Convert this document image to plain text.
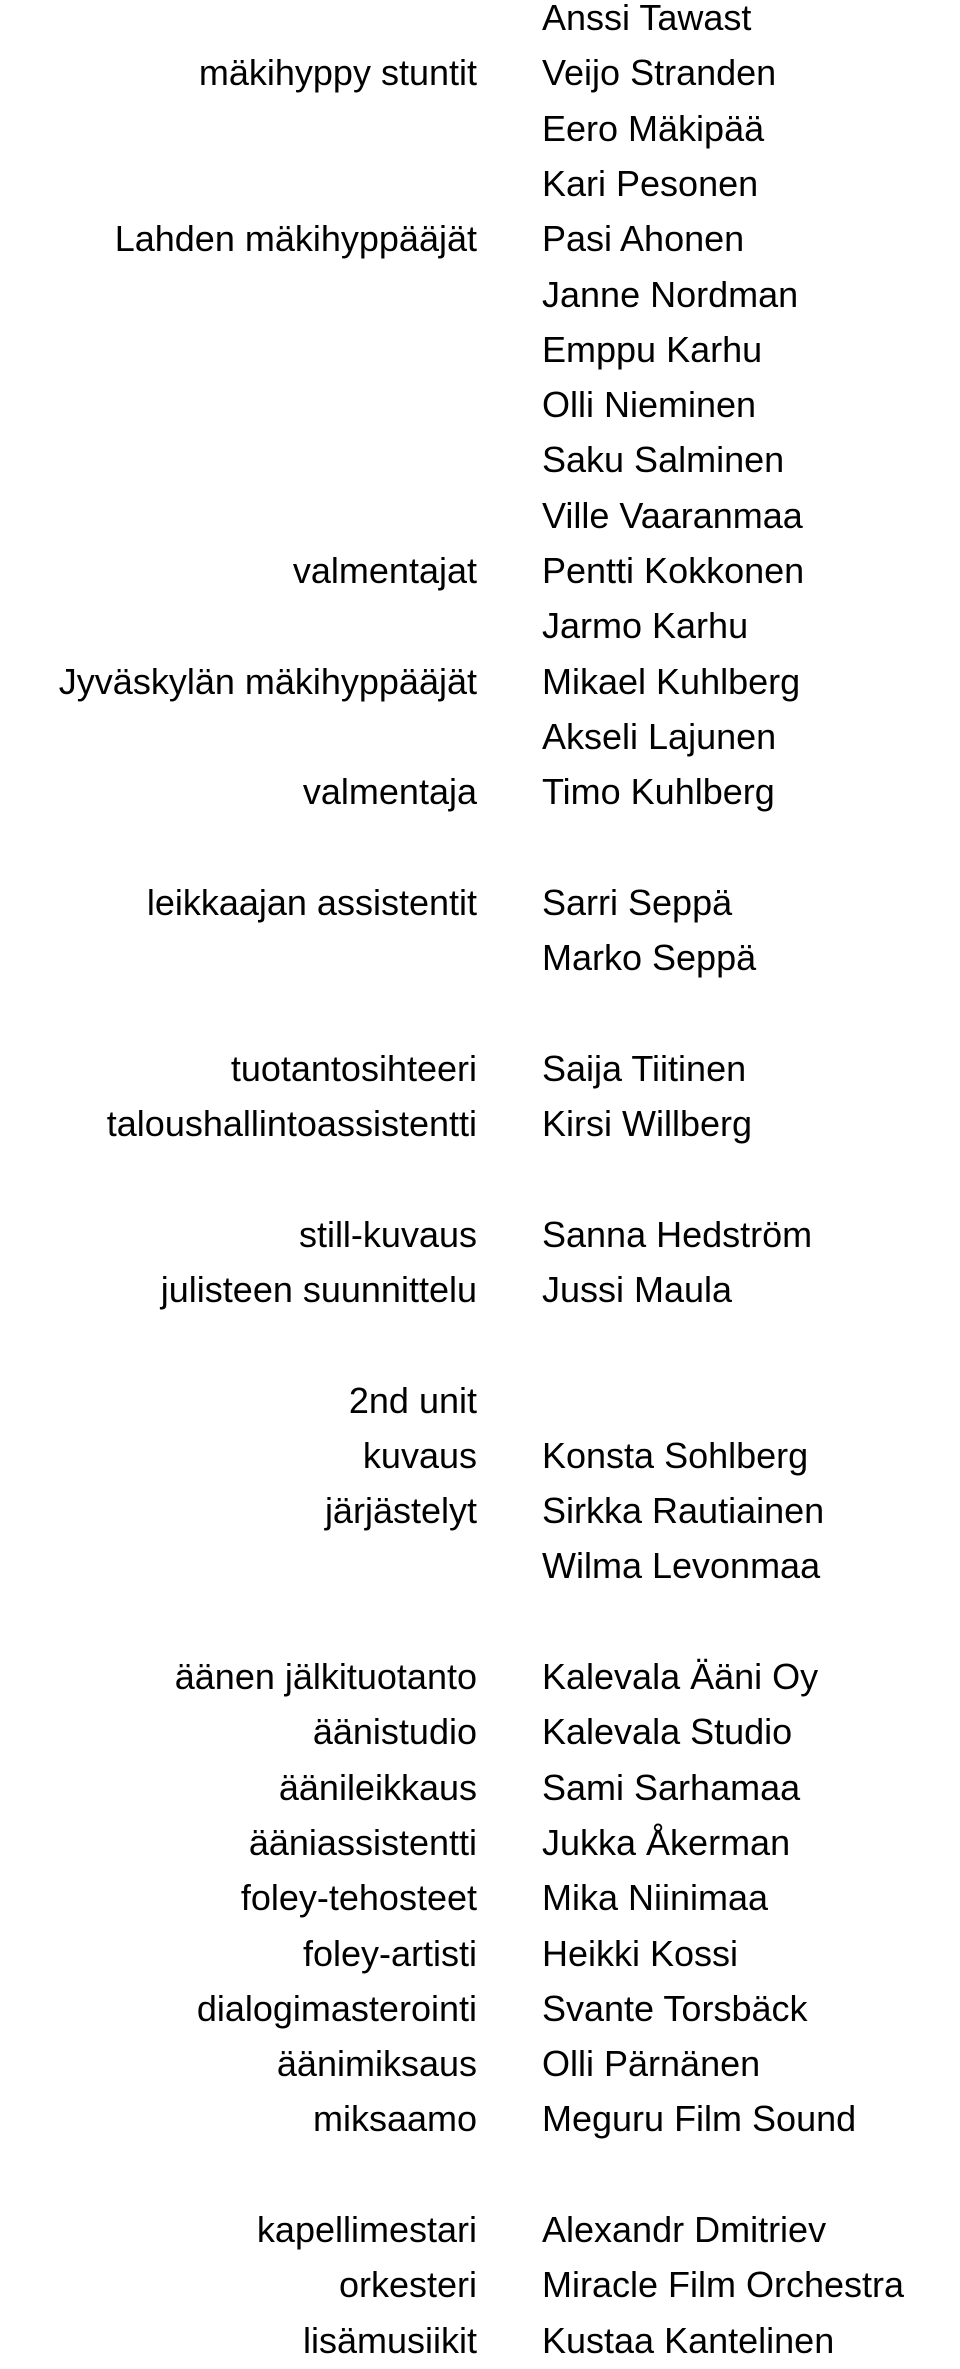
Anssi Tawast
mäkihyppy stuntit Veijo Stranden
Eero Mäkipää
Kari Pesonen
Lahden mäkihyppääjät Pasi Ahonen
Janne Nordman
Emppu Karhu
Olli Nieminen
Saku Salminen
Ville Vaaranmaa
valmentajat Pentti Kokkonen
Jarmo Karhu
Jyväskylän mäkihyppääjät Mikael Kuhlberg
Akseli Lajunen
valmentaja Timo Kuhlberg
leikkaajan assistentit Sarri Seppä
Marko Seppä
tuotantosihteeri Saija Tiitinen
taloushallintoassistentti Kirsi Willberg
still-kuvaus Sanna Hedström
julisteen suunnittelu Jussi Maula
2nd unit
kuvaus Konsta Sohlberg
järjästelyt Sirkka Rautiainen
Wilma Levonmaa
äänen jälkituotanto Kalevala Ääni Oy
äänistudio Kalevala Studio
äänileikkaus Sami Sarhamaa
ääniassistentti Jukka Åkerman
foley-tehosteet Mika Niinimaa
foley-artisti Heikki Kossi
dialogimasterointi Svante Torsbäck
äänimiksaus Olli Pärnänen
miksaamo Meguru Film Sound
kapellimestari Alexandr Dmitriev
orkesteri Miracle Film Orchestra
lisämusiikit Kustaa Kantelinen
